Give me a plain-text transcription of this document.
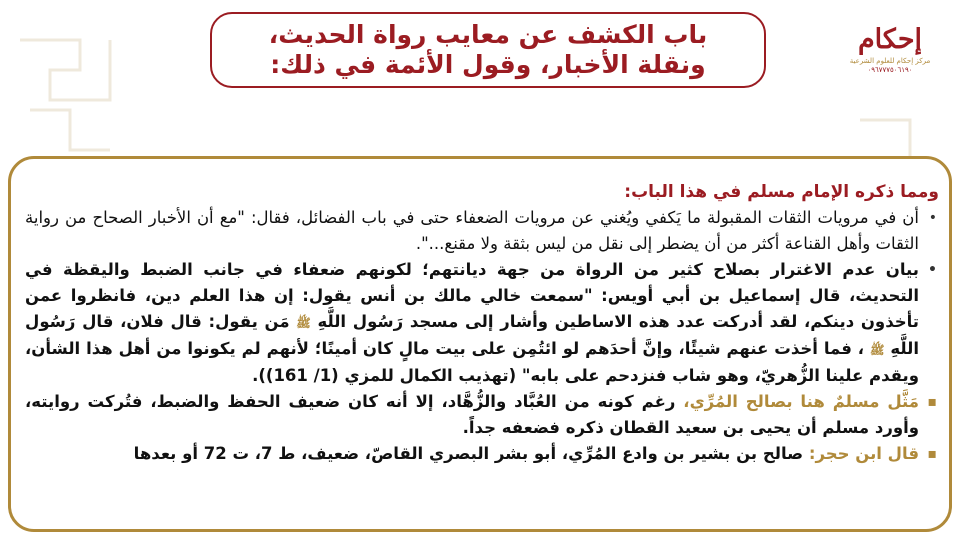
باب الكشف عن معايب رواة الحديث،
ونقلة الأخبار، وقول الأئمة في ذلك:
إحكام
مركز إحكام للعلوم الشرعية
٠٩٦٧٧٧٥٠٦١٩٠
ومما ذكره الإمام مسلم في هذا الباب:
•
أن في مرويات الثقات المقبولة ما يَكفي ويُغني عن مرويات الضعفاء حتى في باب الفضائل، فقال: "مع أن الأخبار الصحاح من رواية الثقات وأهل القناعة أكثر من أن يضطر إلى نقل من ليس بثقة ولا مقنع...".
•
بيان عدم الاغترار بصلاح كثير من الرواة من جهة ديانتهم؛ لكونهم ضعفاء في جانب الضبط واليقظة في التحديث، قال إسماعيل بن أبي أويس: "سمعت خالي مالك بن أنس يقول: إن هذا العلم دين، فانظروا عمن تأخذون دينكم، لقد أدركت عدد هذه الاساطين وأشار إلى مسجد رَسُول اللَّهِ ﷺ مَن يقول: قال فلان، قال رَسُول اللَّهِ ﷺ ، فما أخذت عنهم شيئًا، وإنَّ أحدَهم لو ائتُمِن على بيت مالٍ كان أمينًا؛ لأنهم لم يكونوا من أهل هذا الشأن، ويقدم علينا الزُّهريّ، وهو شاب فنزدحم على بابه" (تهذيب الكمال للمزي (1/ 161)).
▪
مَثَّل مسلمٌ هنا بصالح المُرِّي، رغم كونه من العُبَّاد والزُّهَّاد، إلا أنه كان ضعيف الحفظ والضبط، فتُركت روايته، وأورد مسلم أن يحيى بن سعيد القطان ذكره فضعفه جداً.
▪
قال ابن حجر: صالح بن بشير بن وادع المُرِّي، أبو بشر البصري القاصّ، ضعيف، ط 7، ت 72 أو بعدها
